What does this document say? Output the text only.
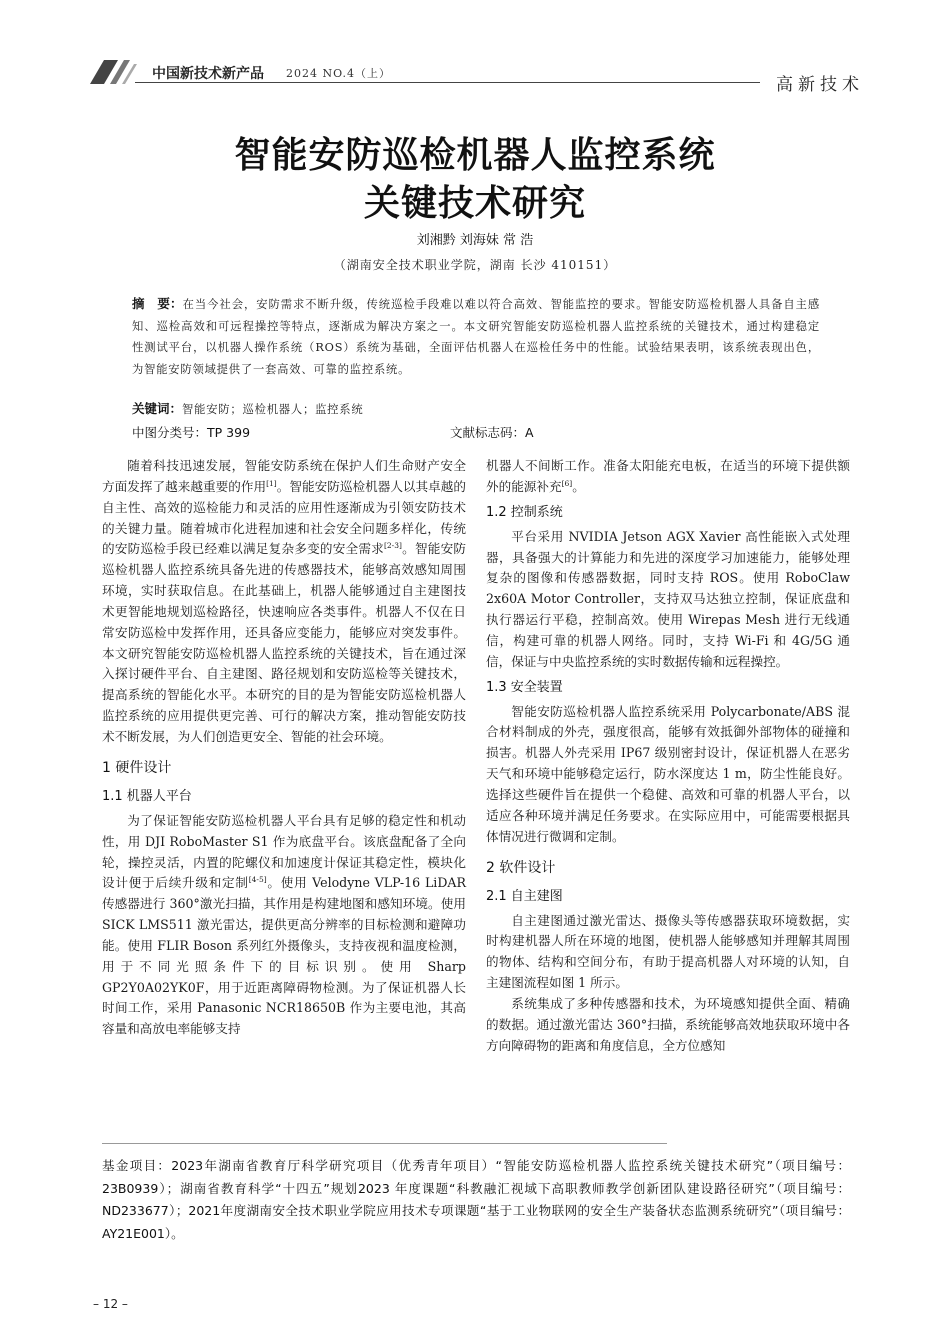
中国新技术新产品 2024 NO.4（上）
高新技术
智能安防巡检机器人监控系统
关键技术研究
刘湘黔 刘海妹 常 浩
（湖南安全技术职业学院，湖南 长沙 410151）
摘　要：在当今社会，安防需求不断升级，传统巡检手段难以难以符合高效、智能监控的要求。智能安防巡检机器人具备自主感知、巡检高效和可远程操控等特点，逐渐成为解决方案之一。本文研究智能安防巡检机器人监控系统的关键技术，通过构建稳定性测试平台，以机器人操作系统（ROS）系统为基础，全面评估机器人在巡检任务中的性能。试验结果表明，该系统表现出色，为智能安防领域提供了一套高效、可靠的监控系统。
关键词：智能安防；巡检机器人；监控系统
中图分类号：TP 399	文献标志码：A

随着科技迅速发展，智能安防系统在保护人们生命财产安全方面发挥了越来越重要的作用[1]。智能安防巡检机器人以其卓越的自主性、高效的巡检能力和灵活的应用性逐渐成为引领安防技术的关键力量。随着城市化进程加速和社会安全问题多样化，传统的安防巡检手段已经难以满足复杂多变的安全需求[2-3]。智能安防巡检机器人监控系统具备先进的传感器技术，能够高效感知周围环境，实时获取信息。在此基础上，机器人能够通过自主建图技术更智能地规划巡检路径，快速响应各类事件。机器人不仅在日常安防巡检中发挥作用，还具备应变能力，能够应对突发事件。本文研究智能安防巡检机器人监控系统的关键技术，旨在通过深入探讨硬件平台、自主建图、路径规划和安防巡检等关键技术，提高系统的智能化水平。本研究的目的是为智能安防巡检机器人监控系统的应用提供更完善、可行的解决方案，推动智能安防技术不断发展，为人们创造更安全、智能的社会环境。

1 硬件设计
1.1 机器人平台

为了保证智能安防巡检机器人平台具有足够的稳定性和机动性，用 DJI RoboMaster S1 作为底盘平台。该底盘配备了全向轮，操控灵活，内置的陀螺仪和加速度计保证其稳定性，模块化设计便于后续升级和定制[4-5]。使用 Velodyne VLP-16 LiDAR 传感器进行 360°激光扫描，其作用是构建地图和感知环境。使用 SICK LMS511 激光雷达，提供更高分辨率的目标检测和避障功能。使用 FLIR Boson 系列红外摄像头，支持夜视和温度检测，用于不同光照条件下的目标识别。使用 Sharp GP2Y0A02YK0F，用于近距离障碍物检测。为了保证机器人长时间工作，采用 Panasonic NCR18650B 作为主要电池，其高容量和高放电率能够支持

机器人不间断工作。准备太阳能充电板，在适当的环境下提供额外的能源补充[6]。

1.2 控制系统

平台采用 NVIDIA Jetson AGX Xavier 高性能嵌入式处理器，具备强大的计算能力和先进的深度学习加速能力，能够处理复杂的图像和传感器数据，同时支持 ROS。使用 RoboClaw 2x60A Motor Controller，支持双马达独立控制，保证底盘和执行器运行平稳，控制高效。使用 Wirepas Mesh 进行无线通信，构建可靠的机器人网络。同时，支持 Wi-Fi 和 4G/5G 通信，保证与中央监控系统的实时数据传输和远程操控。

1.3 安全装置

智能安防巡检机器人监控系统采用 Polycarbonate/ABS 混合材料制成的外壳，强度很高，能够有效抵御外部物体的碰撞和损害。机器人外壳采用 IP67 级别密封设计，保证机器人在恶劣天气和环境中能够稳定运行，防水深度达 1 m，防尘性能良好。选择这些硬件旨在提供一个稳健、高效和可靠的机器人平台，以适应各种环境并满足任务要求。在实际应用中，可能需要根据具体情况进行微调和定制。

2 软件设计
2.1 自主建图

自主建图通过激光雷达、摄像头等传感器获取环境数据，实时构建机器人所在环境的地图，使机器人能够感知并理解其周围的物体、结构和空间分布，有助于提高机器人对环境的认知，自主建图流程如图 1 所示。

系统集成了多种传感器和技术，为环境感知提供全面、精确的数据。通过激光雷达 360°扫描，系统能够高效地获取环境中各方向障碍物的距离和角度信息，全方位感知

基金项目：2023年湖南省教育厅科学研究项目（优秀青年项目）“智能安防巡检机器人监控系统关键技术研究”（项目编号：23B0939）；湖南省教育科学“十四五”规划2023 年度课题“科教融汇视域下高职教师教学创新团队建设路径研究”（项目编号：ND233677）；2021年度湖南安全技术职业学院应用技术专项课题“基于工业物联网的安全生产装备状态监测系统研究”（项目编号：AY21E001）。
– 12 –
